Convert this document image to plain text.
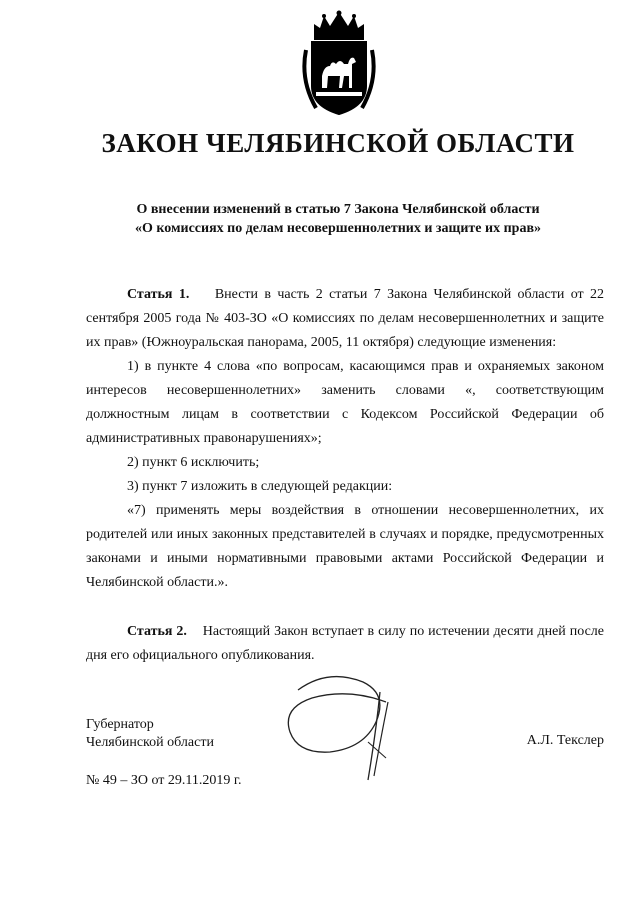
ЗАКОН ЧЕЛЯБИНСКОЙ ОБЛАСТИ
О внесении изменений в статью 7 Закона Челябинской области
«О комиссиях по делам несовершеннолетних и защите их прав»

Статья 1. Внести в часть 2 статьи 7 Закона Челябинской области от 22 сентября 2005 года № 403-ЗО «О комиссиях по делам несовершеннолетних и защите их прав» (Южноуральская панорама, 2005, 11 октября) следующие изменения:

1) в пункте 4 слова «по вопросам, касающимся прав и охраняемых законом интересов несовершеннолетних» заменить словами «, соответствующим должностным лицам в соответствии с Кодексом Российской Федерации об административных правонарушениях»;

2) пункт 6 исключить;

3) пункт 7 изложить в следующей редакции:

«7) применять меры воздействия в отношении несовершеннолетних, их родителей или иных законных представителей в случаях и порядке, предусмотренных законами и иными нормативными правовыми актами Российской Федерации и Челябинской области.».

Статья 2. Настоящий Закон вступает в силу по истечении десяти дней после дня его официального опубликования.

Губернатор
Челябинской области	А.Л. Текслер
№ 49 – ЗО от 29.11.2019 г.
